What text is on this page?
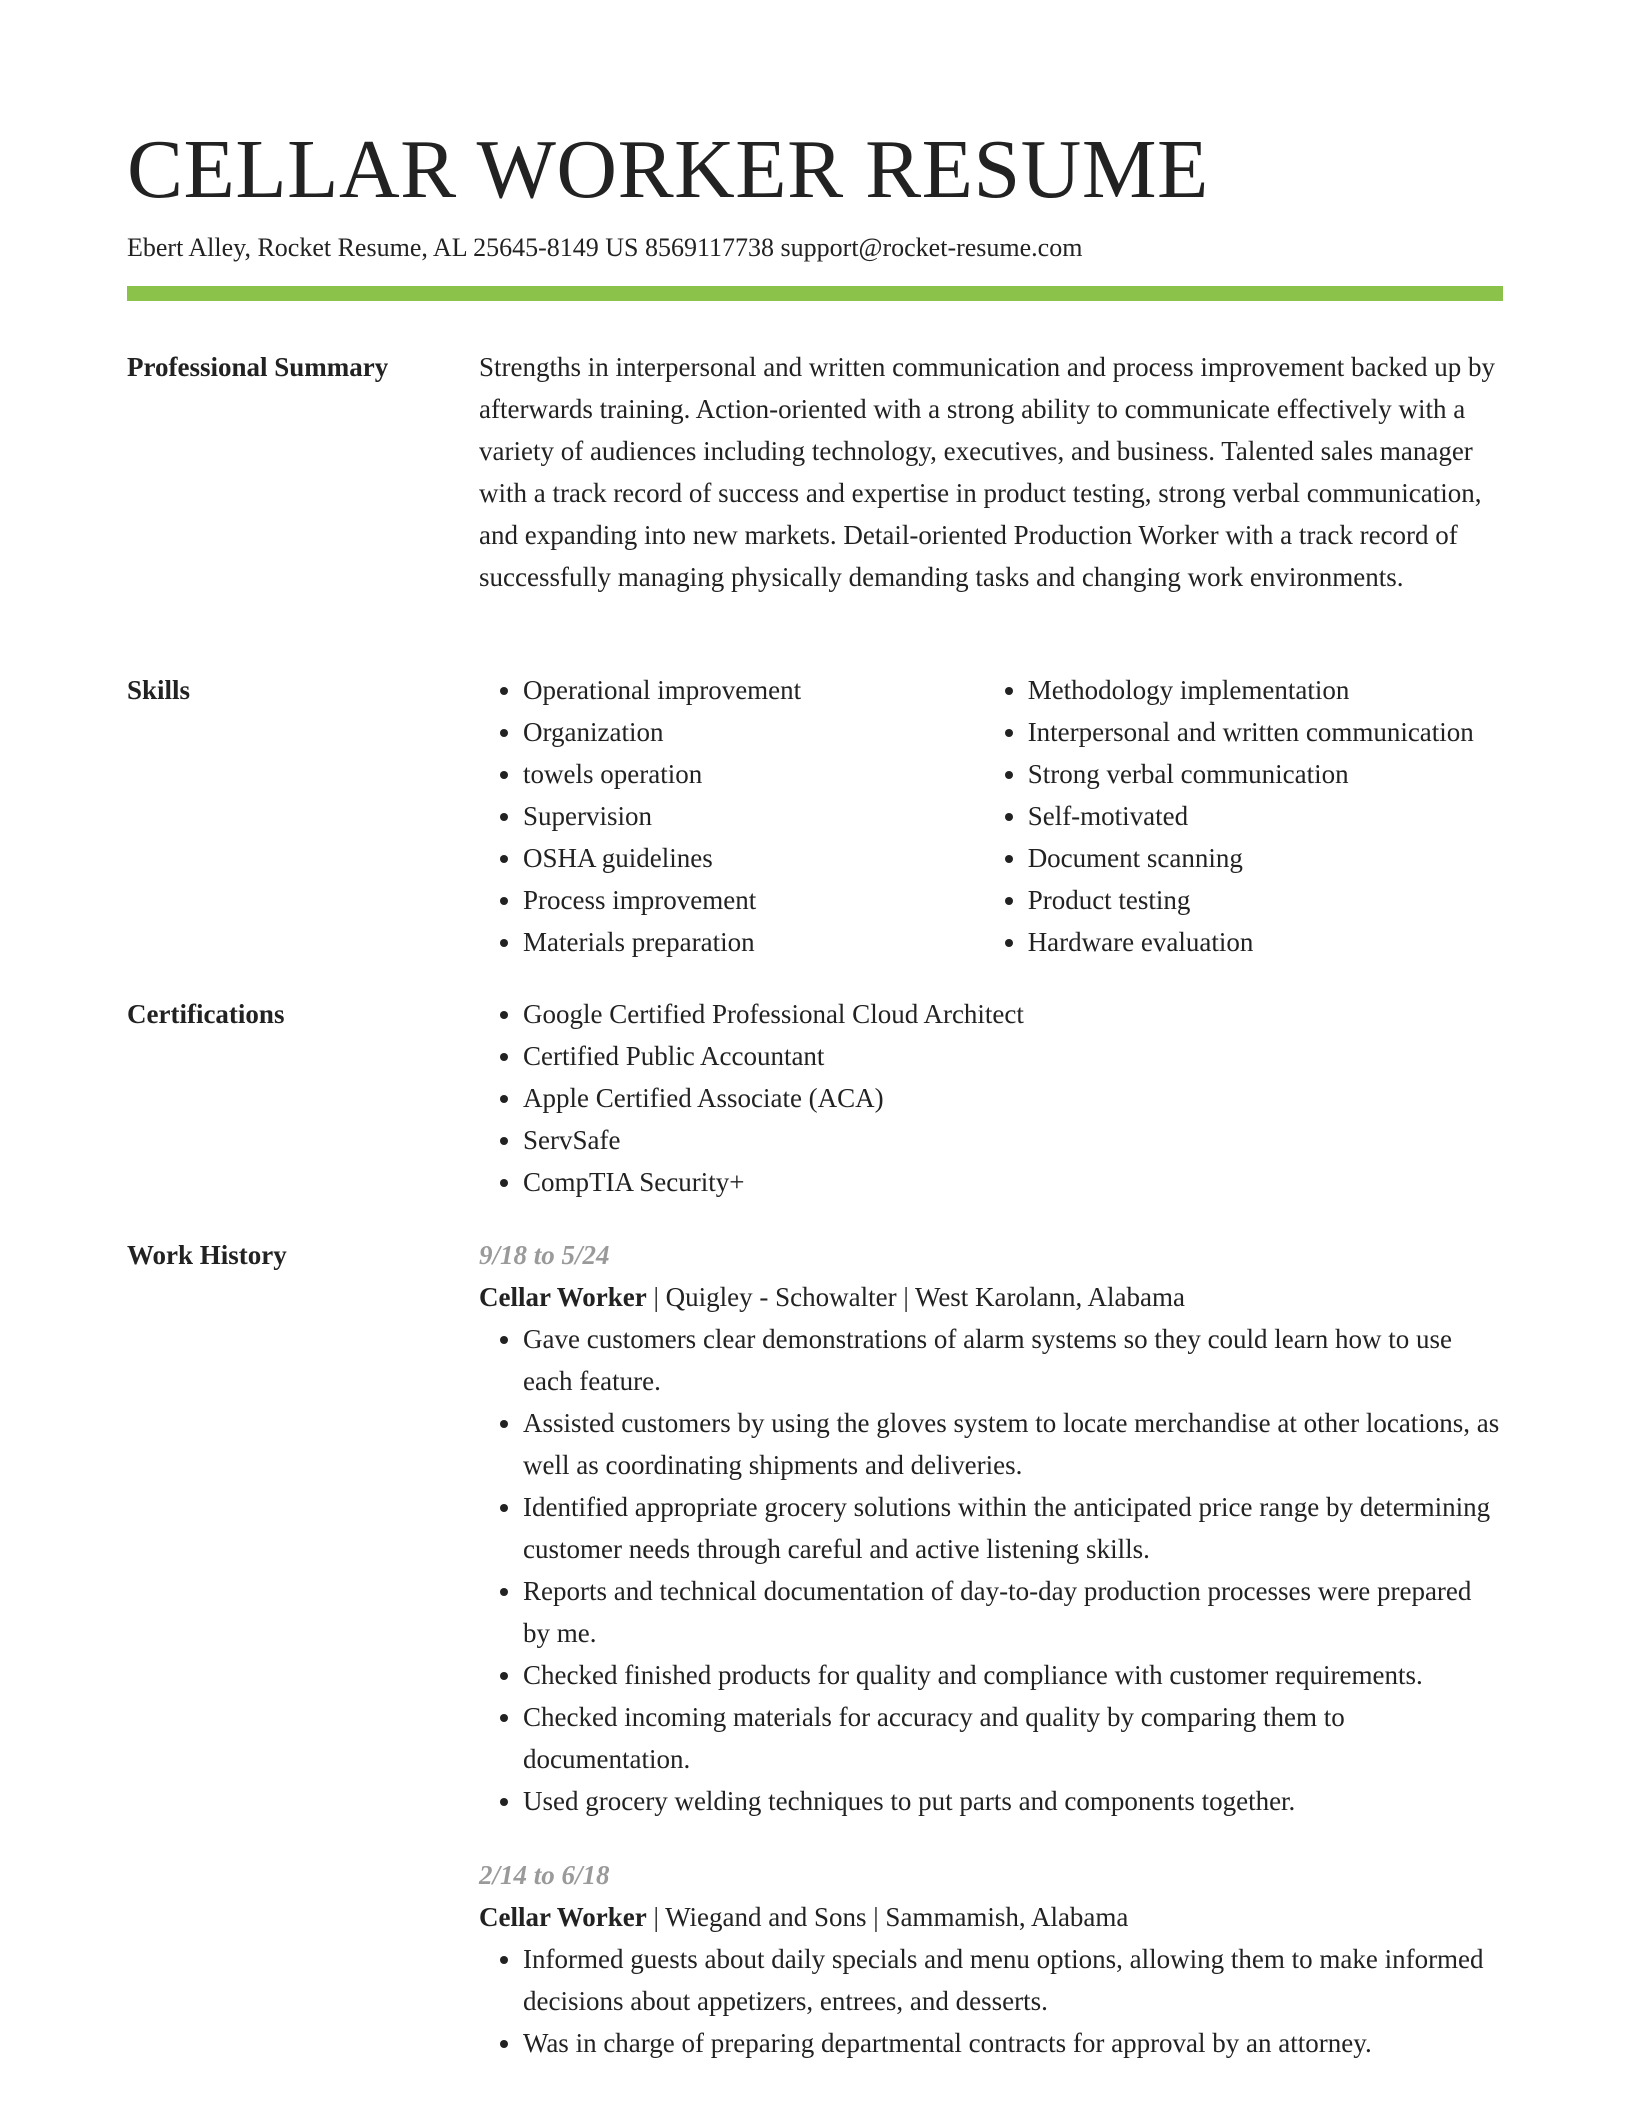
CELLAR WORKER RESUME
Ebert Alley, Rocket Resume, AL 25645-8149 US 8569117738 support@rocket-resume.com
Professional Summary	Strengths in interpersonal and written communication and process improvement backed up by afterwards training. Action-oriented with a strong ability to communicate effectively with a variety of audiences including technology, executives, and business. Talented sales manager with a track record of success and expertise in product testing, strong verbal communication, and expanding into new markets. Detail-oriented Production Worker with a track record of successfully managing physically demanding tasks and changing work environments.

Skills	• Operational improvement
• Organization
• towels operation
• Supervision
• OSHA guidelines
• Process improvement
• Materials preparation
• Methodology implementation
• Interpersonal and written communication
• Strong verbal communication
• Self-motivated
• Document scanning
• Product testing
• Hardware evaluation
Certifications	• Google Certified Professional Cloud Architect
• Certified Public Accountant
• Apple Certified Associate (ACA)
• ServSafe
• CompTIA Security+
Work History	9/18 to 5/24
Cellar Worker | Quigley - Schowalter | West Karolann, Alabama
• Gave customers clear demonstrations of alarm systems so they could learn how to use each feature.
• Assisted customers by using the gloves system to locate merchandise at other locations, as well as coordinating shipments and deliveries.
• Identified appropriate grocery solutions within the anticipated price range by determining customer needs through careful and active listening skills.
• Reports and technical documentation of day-to-day production processes were prepared by me.
• Checked finished products for quality and compliance with customer requirements.
• Checked incoming materials for accuracy and quality by comparing them to documentation.
• Used grocery welding techniques to put parts and components together.
2/14 to 6/18
Cellar Worker | Wiegand and Sons | Sammamish, Alabama
• Informed guests about daily specials and menu options, allowing them to make informed decisions about appetizers, entrees, and desserts.
• Was in charge of preparing departmental contracts for approval by an attorney.
